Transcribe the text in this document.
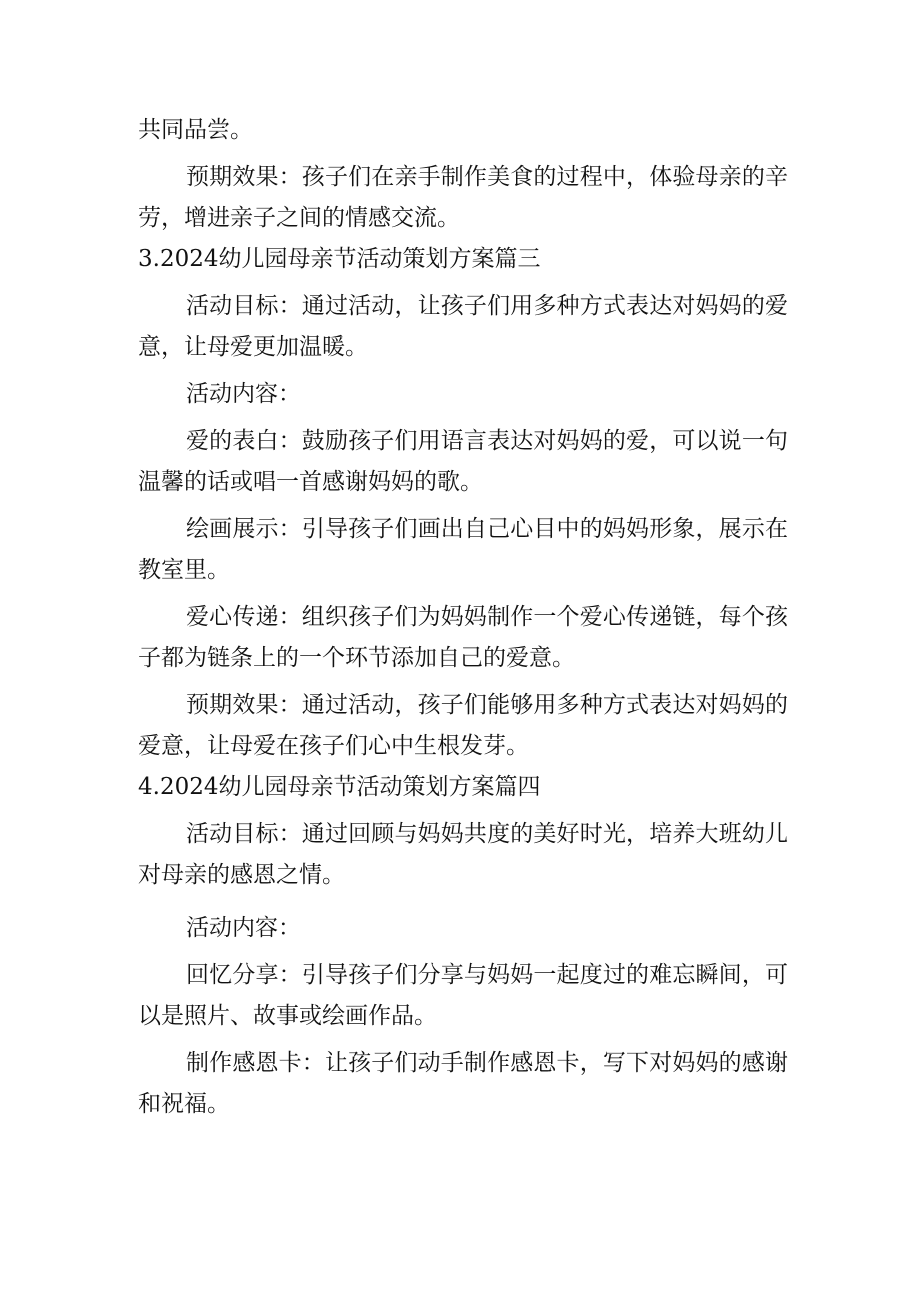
共同品尝。

预期效果：孩子们在亲手制作美食的过程中，体验母亲的辛劳，增进亲子之间的情感交流。

3.2024幼儿园母亲节活动策划方案篇三

活动目标：通过活动，让孩子们用多种方式表达对妈妈的爱意，让母爱更加温暖。

活动内容：

爱的表白：鼓励孩子们用语言表达对妈妈的爱，可以说一句温馨的话或唱一首感谢妈妈的歌。

绘画展示：引导孩子们画出自己心目中的妈妈形象，展示在教室里。

爱心传递：组织孩子们为妈妈制作一个爱心传递链，每个孩子都为链条上的一个环节添加自己的爱意。

预期效果：通过活动，孩子们能够用多种方式表达对妈妈的爱意，让母爱在孩子们心中生根发芽。

4.2024幼儿园母亲节活动策划方案篇四

活动目标：通过回顾与妈妈共度的美好时光，培养大班幼儿对母亲的感恩之情。

活动内容：

回忆分享：引导孩子们分享与妈妈一起度过的难忘瞬间，可以是照片、故事或绘画作品。

制作感恩卡：让孩子们动手制作感恩卡，写下对妈妈的感谢和祝福。
